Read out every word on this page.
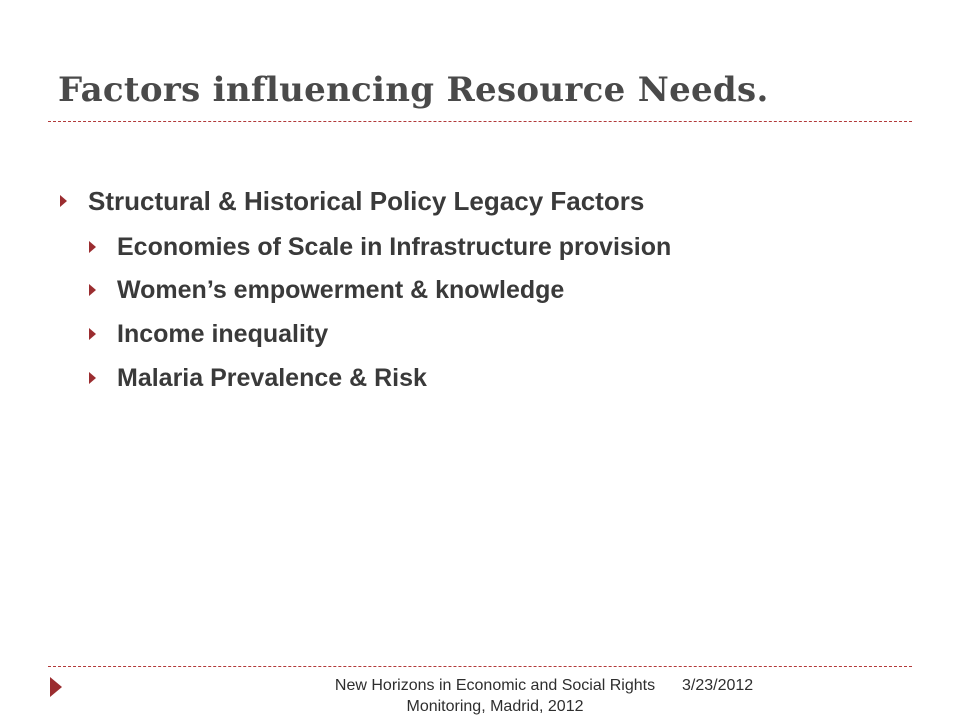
Factors influencing Resource Needs.
Structural & Historical Policy Legacy Factors
Economies of Scale in Infrastructure provision
Women’s empowerment & knowledge
Income inequality
Malaria Prevalence & Risk

New Horizons in Economic and Social Rights
Monitoring, Madrid, 2012

3/23/2012
